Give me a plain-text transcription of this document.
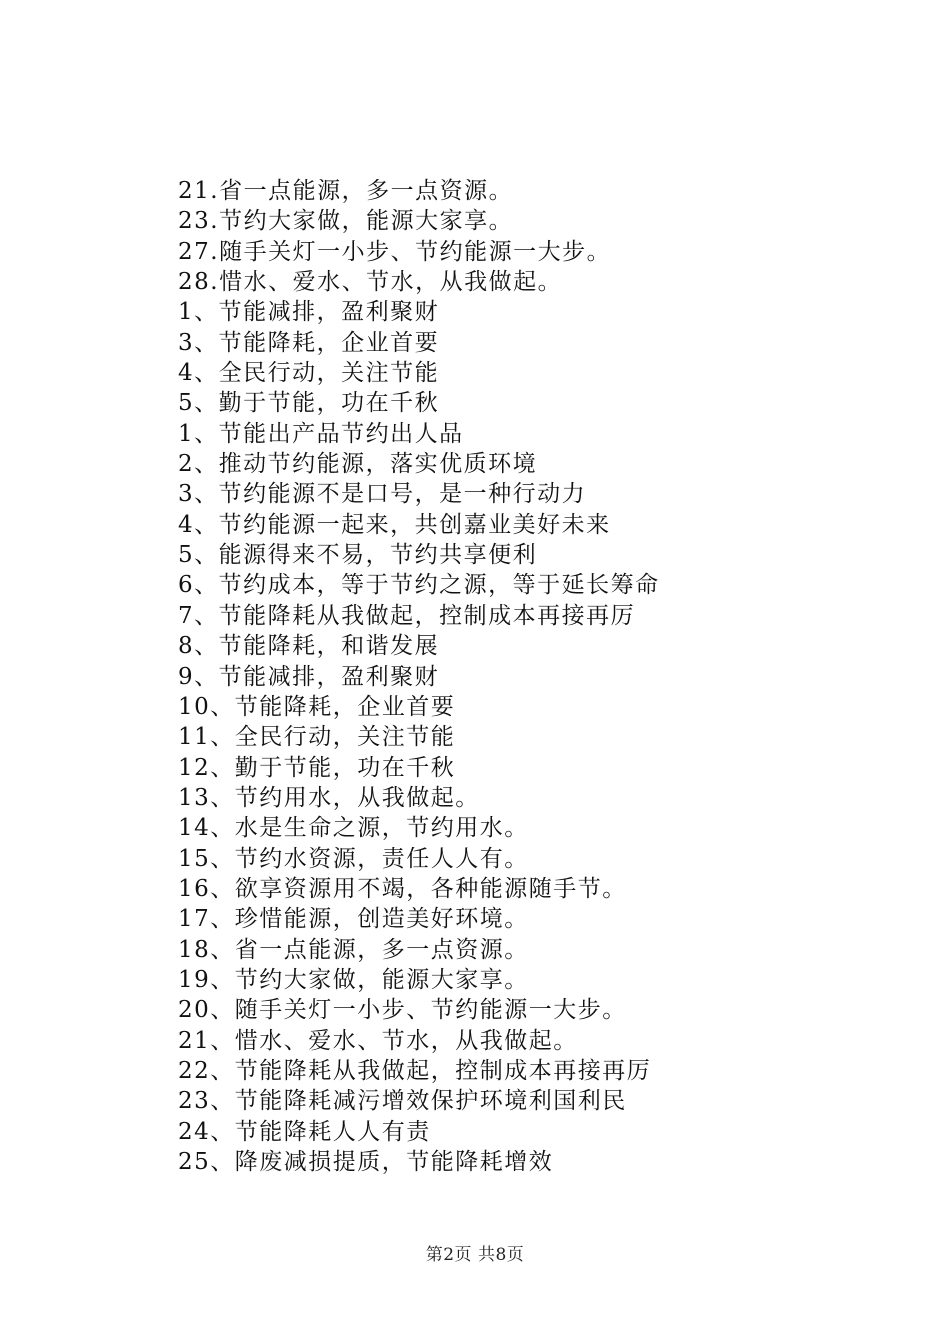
21.省一点能源，多一点资源。
23.节约大家做，能源大家享。
27.随手关灯一小步、节约能源一大步。
28.惜水、爱水、节水，从我做起。
1、节能减排，盈利聚财
3、节能降耗，企业首要
4、全民行动，关注节能
5、勤于节能，功在千秋
1、节能出产品节约出人品
2、推动节约能源，落实优质环境
3、节约能源不是口号，是一种行动力
4、节约能源一起来，共创嘉业美好未来
5、能源得来不易，节约共享便利
6、节约成本，等于节约之源，等于延长筹命
7、节能降耗从我做起，控制成本再接再厉
8、节能降耗，和谐发展
9、节能减排，盈利聚财
10、节能降耗，企业首要
11、全民行动，关注节能
12、勤于节能，功在千秋
13、节约用水，从我做起。
14、水是生命之源，节约用水。
15、节约水资源，责任人人有。
16、欲享资源用不竭，各种能源随手节。
17、珍惜能源，创造美好环境。
18、省一点能源，多一点资源。
19、节约大家做，能源大家享。
20、随手关灯一小步、节约能源一大步。
21、惜水、爱水、节水，从我做起。
22、节能降耗从我做起，控制成本再接再厉
23、节能降耗减污增效保护环境利国利民
24、节能降耗人人有责
25、降废减损提质，节能降耗增效
第2页 共8页
